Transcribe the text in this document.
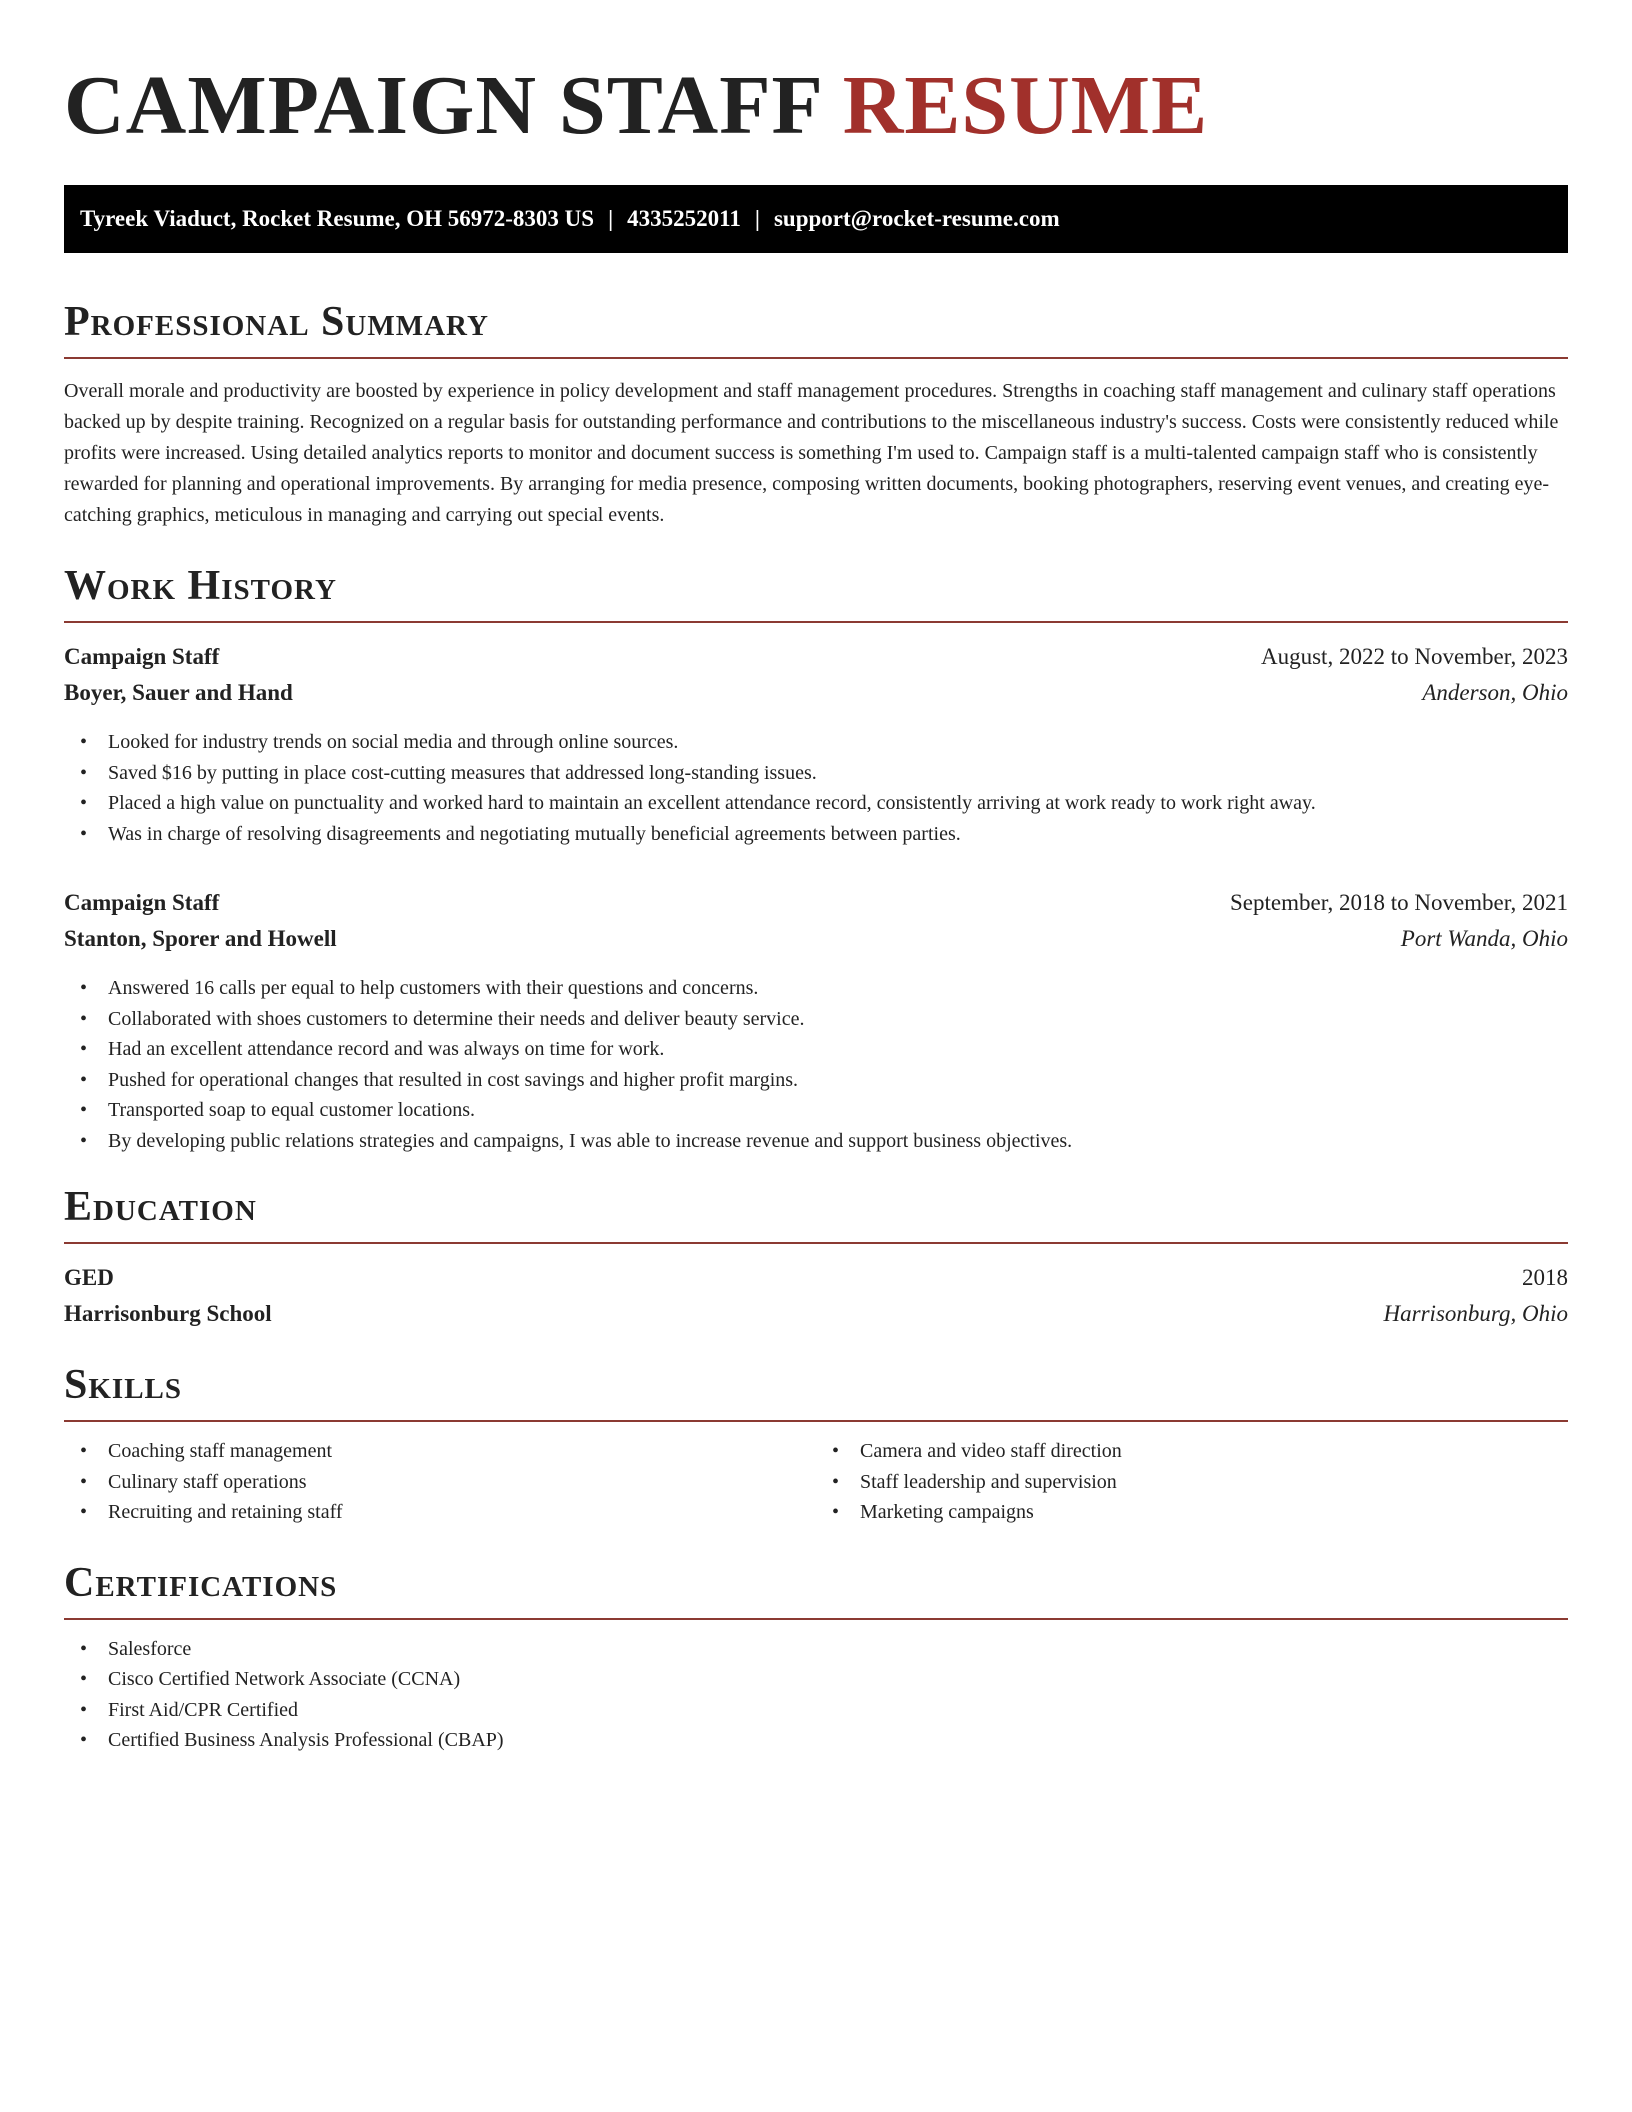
CAMPAIGN STAFF RESUME
Tyreek Viaduct, Rocket Resume, OH 56972-8303 US | 4335252011 | support@rocket-resume.com
Professional Summary

Overall morale and productivity are boosted by experience in policy development and staff management procedures. Strengths in coaching staff management and culinary staff operations backed up by despite training. Recognized on a regular basis for outstanding performance and contributions to the miscellaneous industry's success. Costs were consistently reduced while profits were increased. Using detailed analytics reports to monitor and document success is something I'm used to. Campaign staff is a multi-talented campaign staff who is consistently rewarded for planning and operational improvements. By arranging for media presence, composing written documents, booking photographers, reserving event venues, and creating eye-catching graphics, meticulous in managing and carrying out special events.

Work History
Campaign Staff	August, 2022 to November, 2023
Boyer, Sauer and Hand	Anderson, Ohio
• Looked for industry trends on social media and through online sources.
• Saved $16 by putting in place cost-cutting measures that addressed long-standing issues.
• Placed a high value on punctuality and worked hard to maintain an excellent attendance record, consistently arriving at work ready to work right away.
• Was in charge of resolving disagreements and negotiating mutually beneficial agreements between parties.
Campaign Staff	September, 2018 to November, 2021
Stanton, Sporer and Howell	Port Wanda, Ohio
• Answered 16 calls per equal to help customers with their questions and concerns.
• Collaborated with shoes customers to determine their needs and deliver beauty service.
• Had an excellent attendance record and was always on time for work.
• Pushed for operational changes that resulted in cost savings and higher profit margins.
• Transported soap to equal customer locations.
• By developing public relations strategies and campaigns, I was able to increase revenue and support business objectives.
Education
GED	2018
Harrisonburg School	Harrisonburg, Ohio
Skills
• Coaching staff management
• Culinary staff operations
• Recruiting and retaining staff
• Camera and video staff direction
• Staff leadership and supervision
• Marketing campaigns
Certifications
• Salesforce
• Cisco Certified Network Associate (CCNA)
• First Aid/CPR Certified
• Certified Business Analysis Professional (CBAP)
